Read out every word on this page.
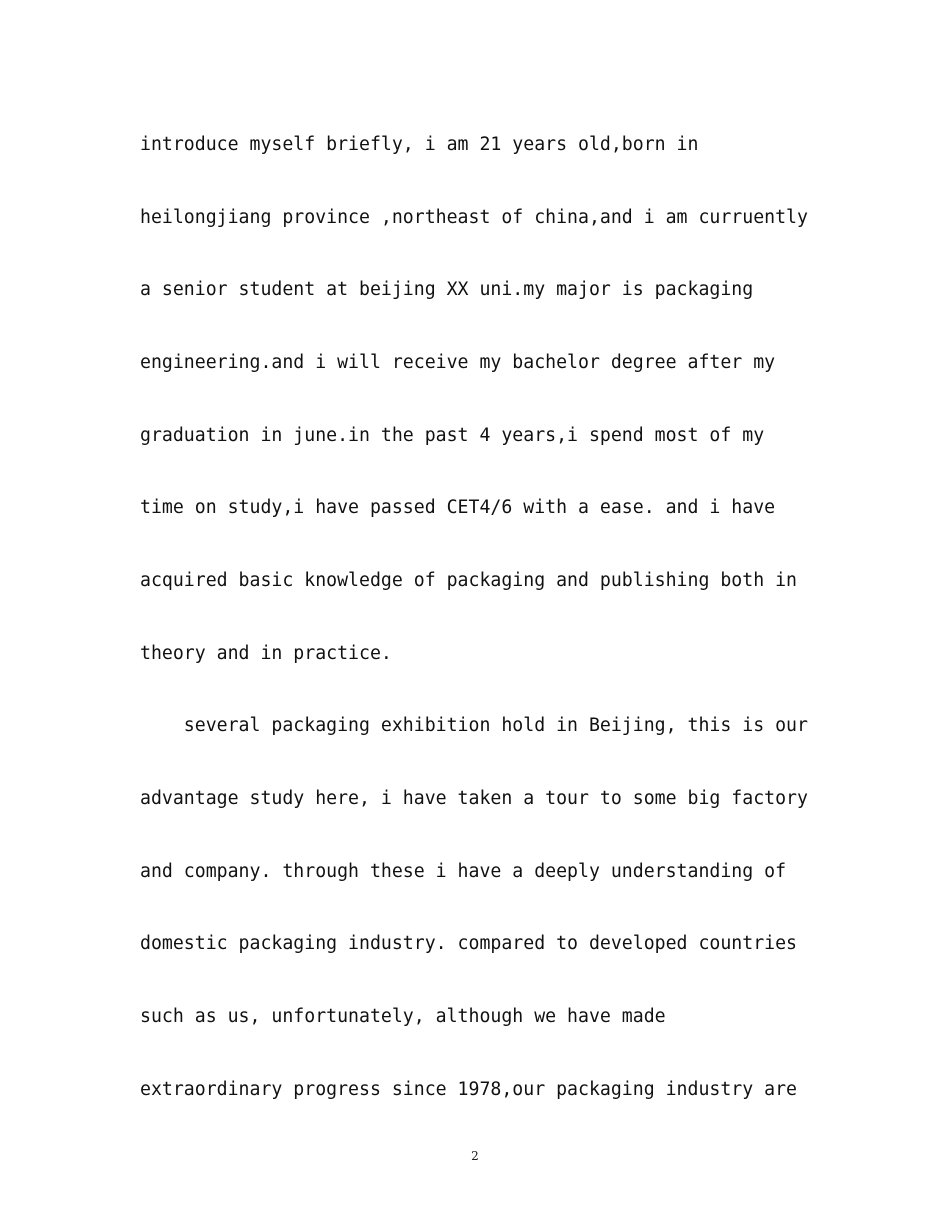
introduce myself briefly, i am 21 years old,born in
heilongjiang province ,northeast of china,and i am curruently
a senior student at beijing XX uni.my major is packaging
engineering.and i will receive my bachelor degree after my
graduation in june.in the past 4 years,i spend most of my
time on study,i have passed CET4/6 with a ease. and i have
acquired basic knowledge of packaging and publishing both in
theory and in practice.
several packaging exhibition hold in Beijing, this is our
advantage study here, i have taken a tour to some big factory
and company. through these i have a deeply understanding of
domestic packaging industry. compared to developed countries
such as us, unfortunately, although we have made
extraordinary progress since 1978,our packaging industry are
2
